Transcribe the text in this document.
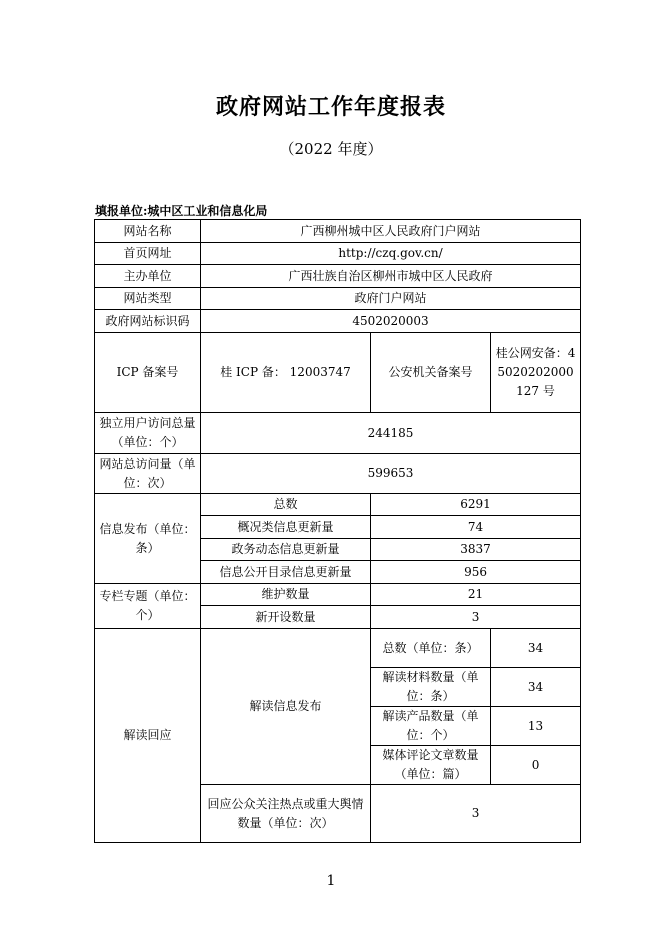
政府网站工作年度报表
（2022 年度）
填报单位:城中区工业和信息化局
网站名称	广西柳州城中区人民政府门户网站		
首页网址	http://czq.gov.cn/		
主办单位	广西壮族自治区柳州市城中区人民政府		
网站类型	政府门户网站		
政府网站标识码	4502020003		
ICP 备案号	桂 ICP 备： 12003747	公安机关备案号	桂公网安备：45020202000127 号
独立用户访问总量（单位：个）	244185		
网站总访问量（单位：次）	599653		
信息发布（单位：条）	总数	6291	
	概况类信息更新量	74	
	政务动态信息更新量	3837	
	信息公开目录信息更新量	956	
专栏专题（单位：个）	维护数量	21	
	新开设数量	3	
解读回应	解读信息发布	总数（单位：条）	34
		解读材料数量（单位：条）	34
		解读产品数量（单位：个）	13
		媒体评论文章数量（单位：篇）	0
	回应公众关注热点或重大舆情数量（单位：次）	3	
1
